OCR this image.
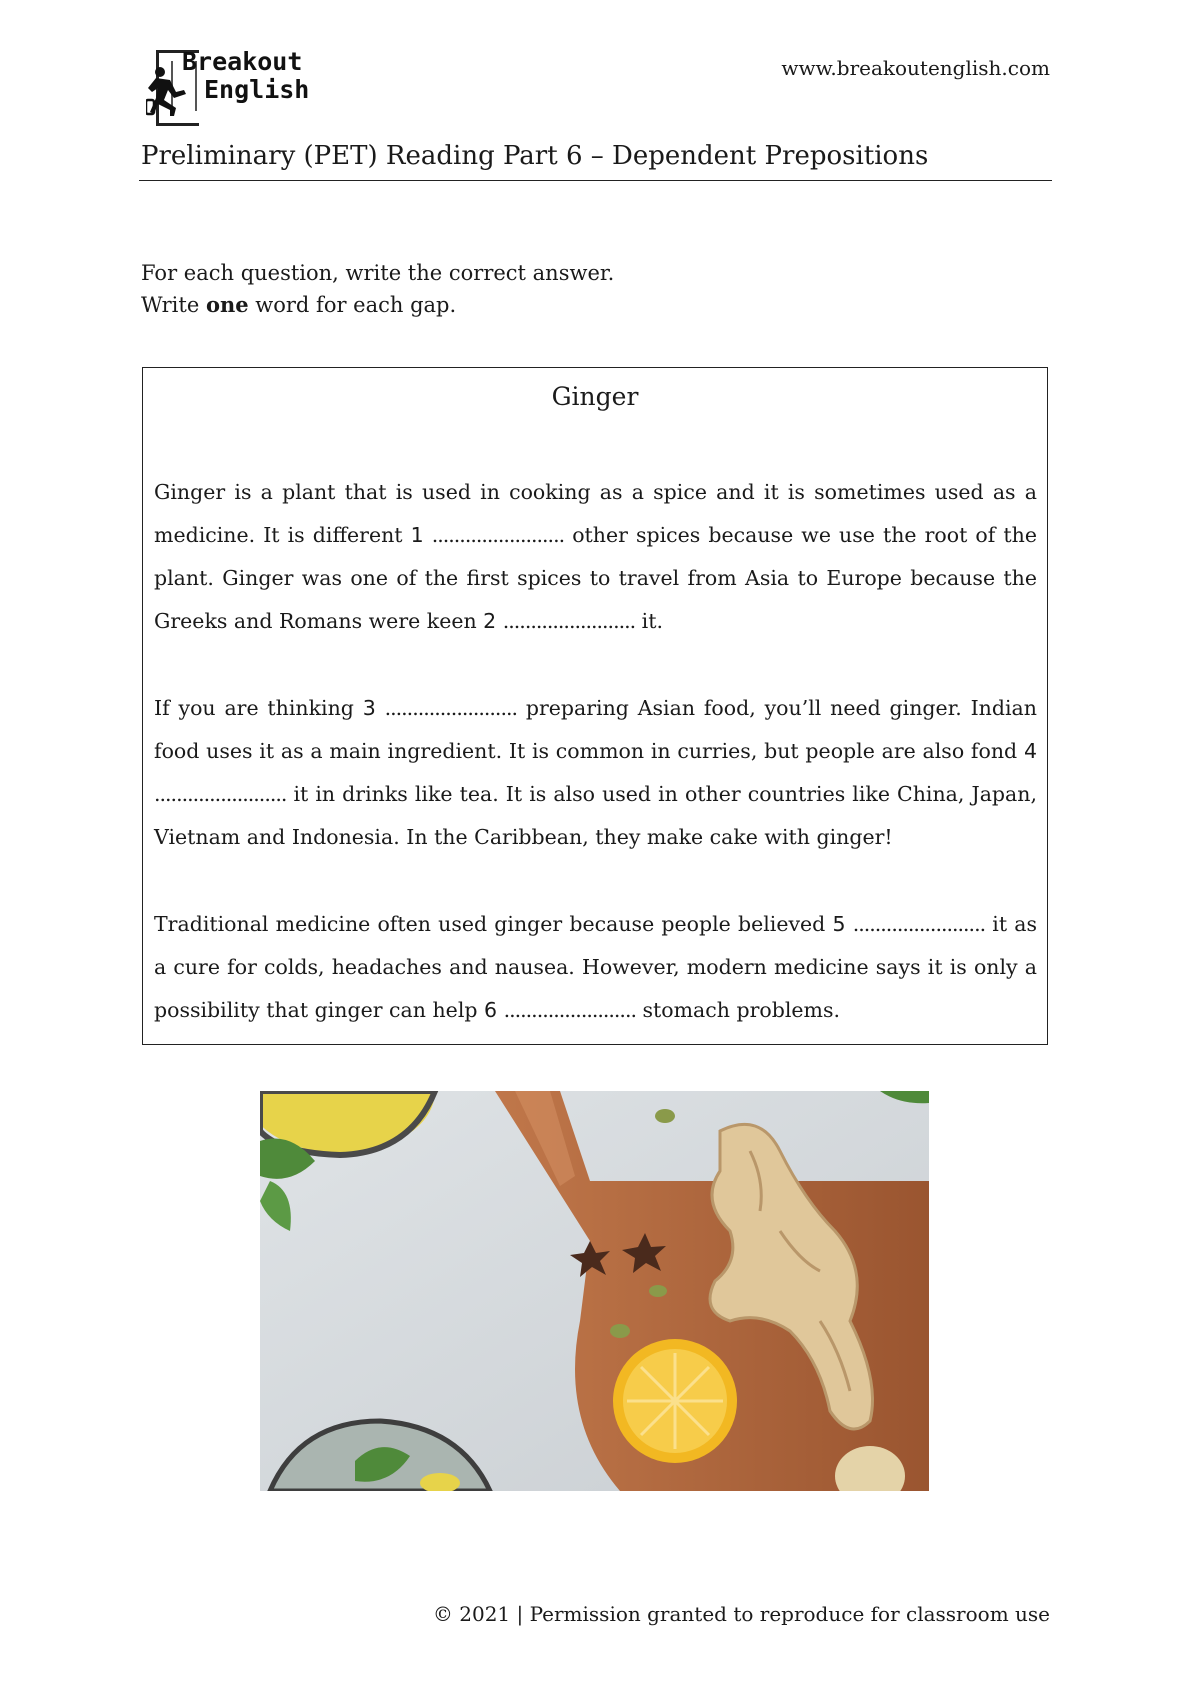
Breakout
English
www.breakoutenglish.com
Preliminary (PET) Reading Part 6 – Dependent Prepositions
For each question, write the correct answer.
Write one word for each gap.
Ginger
Ginger is a plant that is used in cooking as a spice and it is sometimes used as a medicine. It is different 1 ........................ other spices because we use the root of the plant. Ginger was one of the first spices to travel from Asia to Europe because the Greeks and Romans were keen 2 ........................ it.
If you are thinking 3 ........................ preparing Asian food, you’ll need ginger. Indian food uses it as a main ingredient. It is common in curries, but people are also fond 4 ........................ it in drinks like tea. It is also used in other countries like China, Japan, Vietnam and Indonesia. In the Caribbean, they make cake with ginger!
Traditional medicine often used ginger because people believed 5 ........................ it as a cure for colds, headaches and nausea. However, modern medicine says it is only a possibility that ginger can help 6 ........................ stomach problems.
© 2021 | Permission granted to reproduce for classroom use
